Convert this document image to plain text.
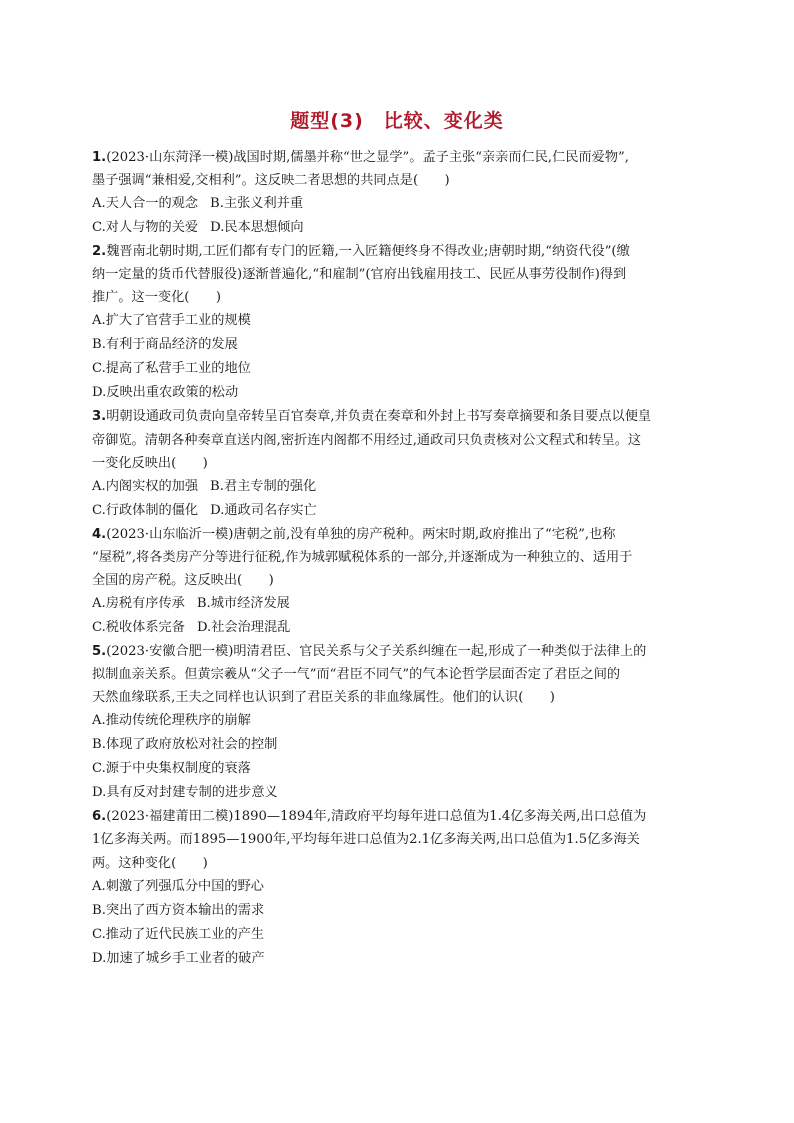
题型(3)　比较、变化类
1.(2023·山东菏泽一模)战国时期,儒墨并称“世之显学”。孟子主张“亲亲而仁民,仁民而爱物”,
墨子强调“兼相爱,交相利”。这反映二者思想的共同点是(　　)
A.天人合一的观念 B.主张义利并重
C.对人与物的关爱 D.民本思想倾向
2.魏晋南北朝时期,工匠们都有专门的匠籍,一入匠籍便终身不得改业;唐朝时期,“纳资代役”(缴
纳一定量的货币代替服役)逐渐普遍化,“和雇制”(官府出钱雇用技工、民匠从事劳役制作)得到
推广。这一变化(　　)
A.扩大了官营手工业的规模
B.有利于商品经济的发展
C.提高了私营手工业的地位
D.反映出重农政策的松动
3.明朝设通政司负责向皇帝转呈百官奏章,并负责在奏章和外封上书写奏章摘要和条目要点以便皇
帝御览。清朝各种奏章直送内阁,密折连内阁都不用经过,通政司只负责核对公文程式和转呈。这
一变化反映出(　　)
A.内阁实权的加强 B.君主专制的强化
C.行政体制的僵化 D.通政司名存实亡
4.(2023·山东临沂一模)唐朝之前,没有单独的房产税种。两宋时期,政府推出了“宅税”,也称
“屋税”,将各类房产分等进行征税,作为城郭赋税体系的一部分,并逐渐成为一种独立的、适用于
全国的房产税。这反映出(　　)
A.房税有序传承 B.城市经济发展
C.税收体系完备 D.社会治理混乱
5.(2023·安徽合肥一模)明清君臣、官民关系与父子关系纠缠在一起,形成了一种类似于法律上的
拟制血亲关系。但黄宗羲从“父子一气”而“君臣不同气”的气本论哲学层面否定了君臣之间的
天然血缘联系,王夫之同样也认识到了君臣关系的非血缘属性。他们的认识(　　)
A.推动传统伦理秩序的崩解
B.体现了政府放松对社会的控制
C.源于中央集权制度的衰落
D.具有反对封建专制的进步意义
6.(2023·福建莆田二模)1890—1894年,清政府平均每年进口总值为1.4亿多海关两,出口总值为
1亿多海关两。而1895—1900年,平均每年进口总值为2.1亿多海关两,出口总值为1.5亿多海关
两。这种变化(　　)
A.刺激了列强瓜分中国的野心
B.突出了西方资本输出的需求
C.推动了近代民族工业的产生
D.加速了城乡手工业者的破产
